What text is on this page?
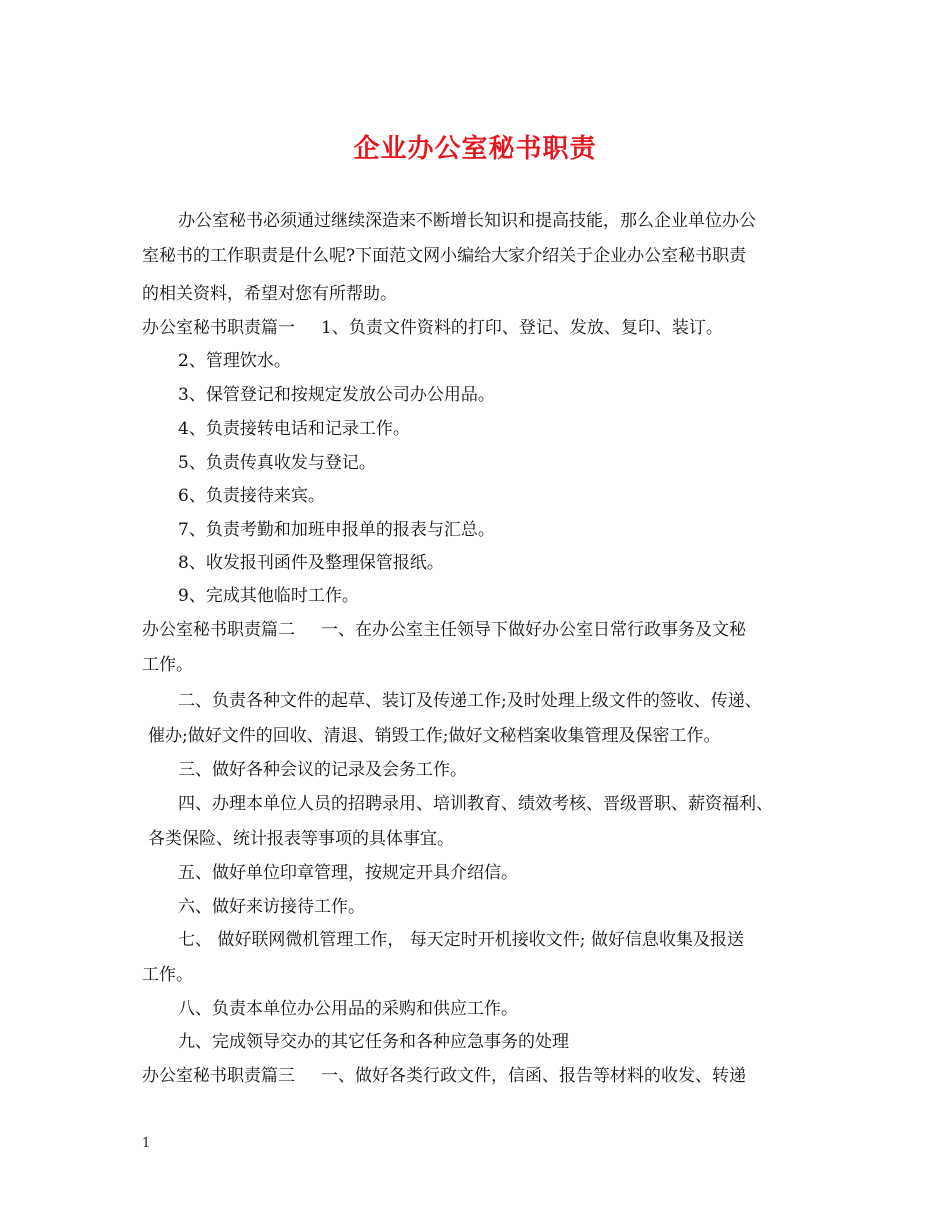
企业办公室秘书职责
办公室秘书必须通过继续深造来不断增长知识和提高技能，那么企业单位办公
室秘书的工作职责是什么呢?下面范文网小编给大家介绍关于企业办公室秘书职责
的相关资料，希望对您有所帮助。
办公室秘书职责篇一 1、负责文件资料的打印、登记、发放、复印、装订。
2、管理饮水。
3、保管登记和按规定发放公司办公用品。
4、负责接转电话和记录工作。
5、负责传真收发与登记。
6、负责接待来宾。
7、负责考勤和加班申报单的报表与汇总。
8、收发报刊函件及整理保管报纸。
9、完成其他临时工作。
办公室秘书职责篇二 一、在办公室主任领导下做好办公室日常行政事务及文秘
工作。
二、负责各种文件的起草、装订及传递工作;及时处理上级文件的签收、传递、
催办;做好文件的回收、清退、销毁工作;做好文秘档案收集管理及保密工作。
三、做好各种会议的记录及会务工作。
四、办理本单位人员的招聘录用、培训教育、绩效考核、晋级晋职、薪资福利、
各类保险、统计报表等事项的具体事宜。
五、做好单位印章管理，按规定开具介绍信。
六、做好来访接待工作。
七、 做好联网微机管理工作， 每天定时开机接收文件; 做好信息收集及报送
工作。
八、负责本单位办公用品的采购和供应工作。
九、完成领导交办的其它任务和各种应急事务的处理
办公室秘书职责篇三 一、做好各类行政文件，信函、报告等材料的收发、转递
1
